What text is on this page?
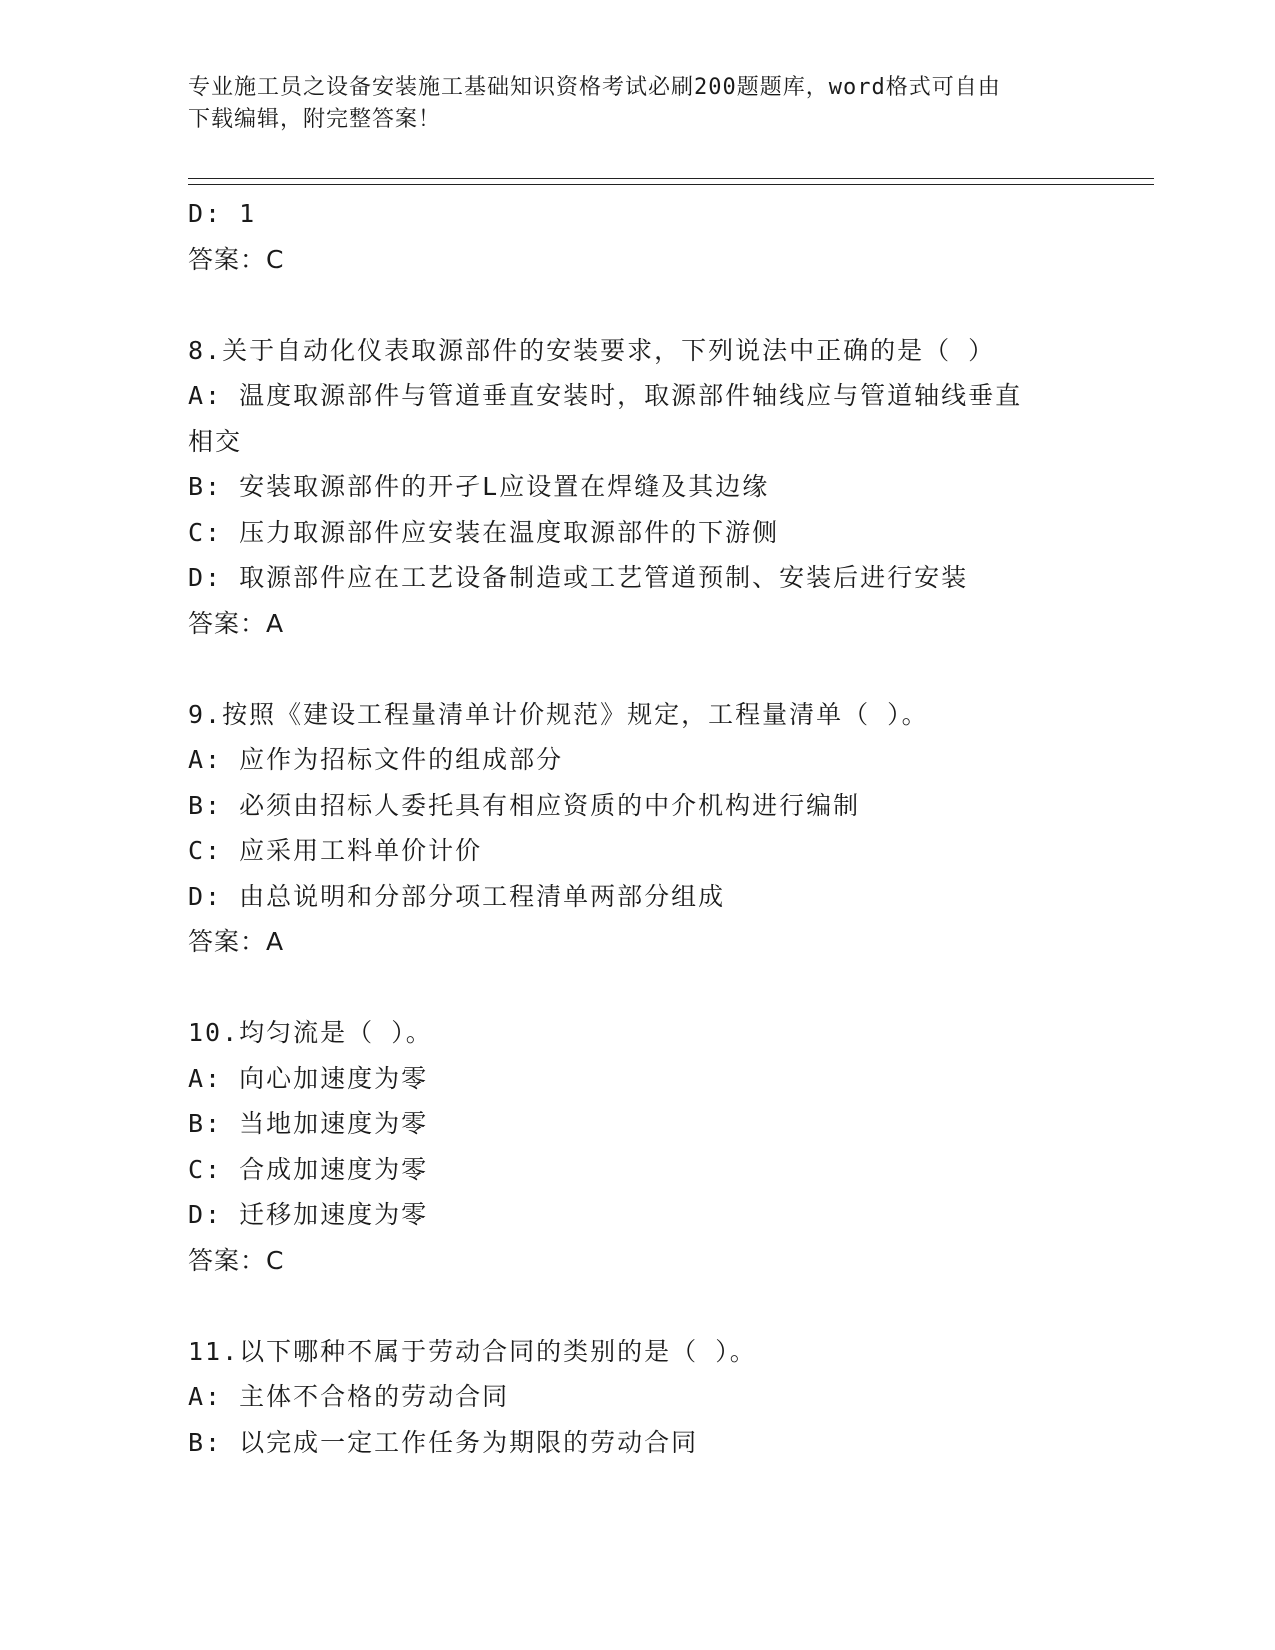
专业施工员之设备安装施工基础知识资格考试必刷200题题库，word格式可自由
下载编辑，附完整答案！
D: 1
答案：C
8.关于自动化仪表取源部件的安装要求，下列说法中正确的是（ ）
A: 温度取源部件与管道垂直安装时，取源部件轴线应与管道轴线垂直
相交
B: 安装取源部件的开孑L应设置在焊缝及其边缘
C: 压力取源部件应安装在温度取源部件的下游侧
D: 取源部件应在工艺设备制造或工艺管道预制、安装后进行安装
答案：A
9.按照《建设工程量清单计价规范》规定，工程量清单（ ）。
A: 应作为招标文件的组成部分
B: 必须由招标人委托具有相应资质的中介机构进行编制
C: 应采用工料单价计价
D: 由总说明和分部分项工程清单两部分组成
答案：A
10.均匀流是（ ）。
A: 向心加速度为零
B: 当地加速度为零
C: 合成加速度为零
D: 迁移加速度为零
答案：C
11.以下哪种不属于劳动合同的类别的是（ ）。
A: 主体不合格的劳动合同
B: 以完成一定工作任务为期限的劳动合同
